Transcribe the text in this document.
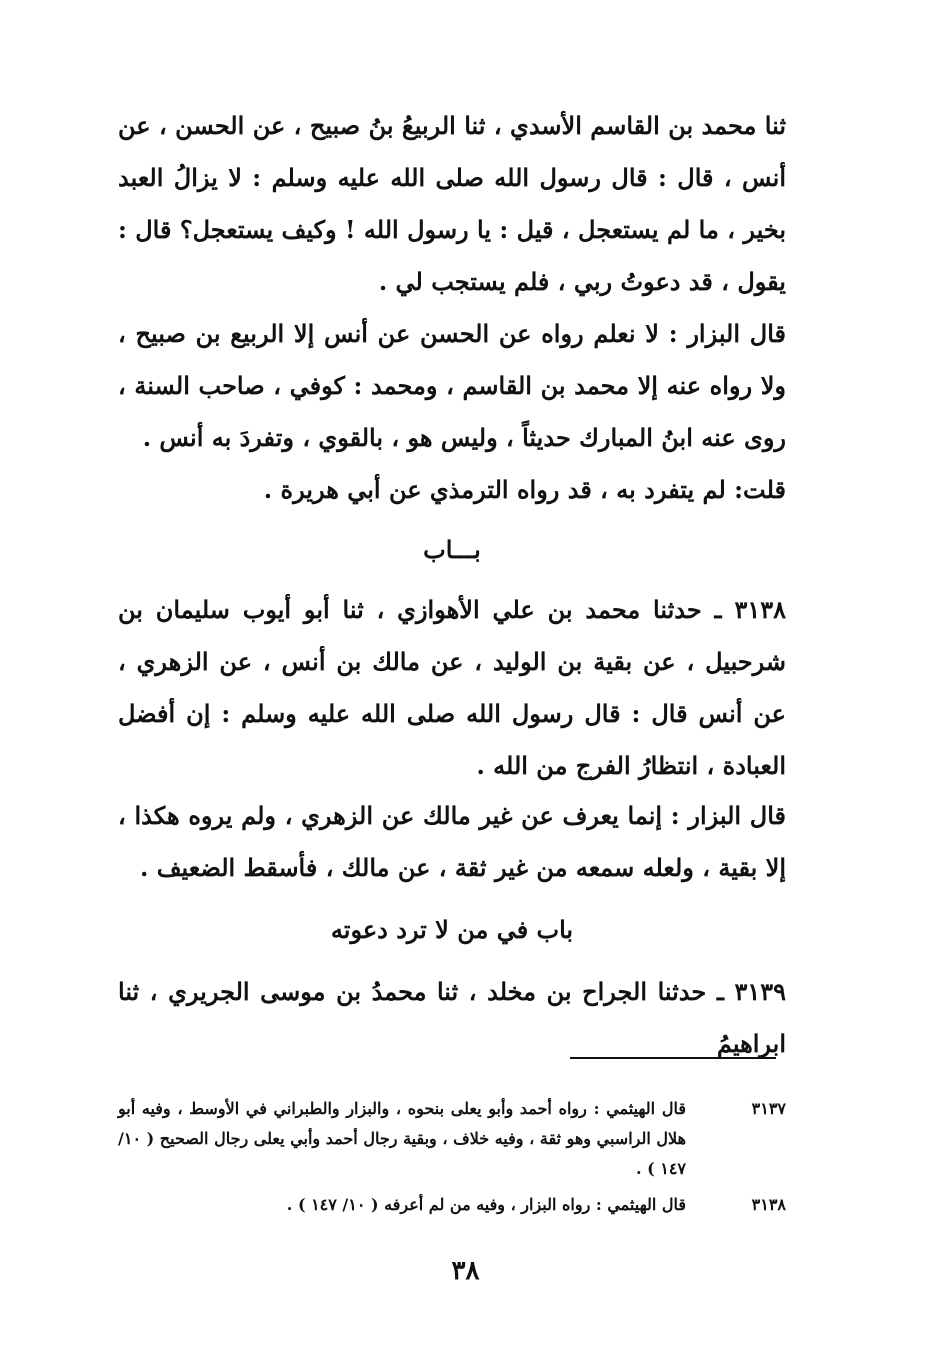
ثنا محمد بن القاسم الأسدي ، ثنا الربيعُ بنُ صبيح ، عن الحسن ، عن أنس ، قال : قال رسول الله صلى الله عليه وسلم : لا يزالُ العبد بخير ، ما لم يستعجل ، قيل : يا رسول الله ! وكيف يستعجل؟ قال : يقول ، قد دعوتُ ربي ، فلم يستجب لي .

قال البزار : لا نعلم رواه عن الحسن عن أنس إلا الربيع بن صبيح ، ولا رواه عنه إلا محمد بن القاسم ، ومحمد : كوفي ، صاحب السنة ، روى عنه ابنُ المبارك حديثاً ، وليس هو ، بالقوي ، وتفردَ به أنس .

قلت: لم يتفرد به ، قد رواه الترمذي عن أبي هريرة .

بـــاب

٣١٣٨ ـ حدثنا محمد بن علي الأهوازي ، ثنا أبو أيوب سليمان بن شرحبيل ، عن بقية بن الوليد ، عن مالك بن أنس ، عن الزهري ، عن أنس قال : قال رسول الله صلى الله عليه وسلم : إن أفضل العبادة ، انتظارُ الفرج من الله .

قال البزار : إنما يعرف عن غير مالك عن الزهري ، ولم يروه هكذا ، إلا بقية ، ولعله سمعه من غير ثقة ، عن مالك ، فأسقط الضعيف .

باب في من لا ترد دعوته

٣١٣٩ ـ حدثنا الجراح بن مخلد ، ثنا محمدُ بن موسى الجريري ، ثنا ابراهيمُ

٣١٣٧
قال الهيثمي : رواه أحمد وأبو يعلى بنحوه ، والبزار والطبراني في الأوسط ، وفيه أبو هلال الراسبي وهو ثقة ، وفيه خلاف ، وبقية رجال أحمد وأبي يعلى رجال الصحيح ( ١٠/ ١٤٧ ) .
٣١٣٨
قال الهيثمي : رواه البزار ، وفيه من لم أعرفه ( ١٠/ ١٤٧ ) .
٣٨
